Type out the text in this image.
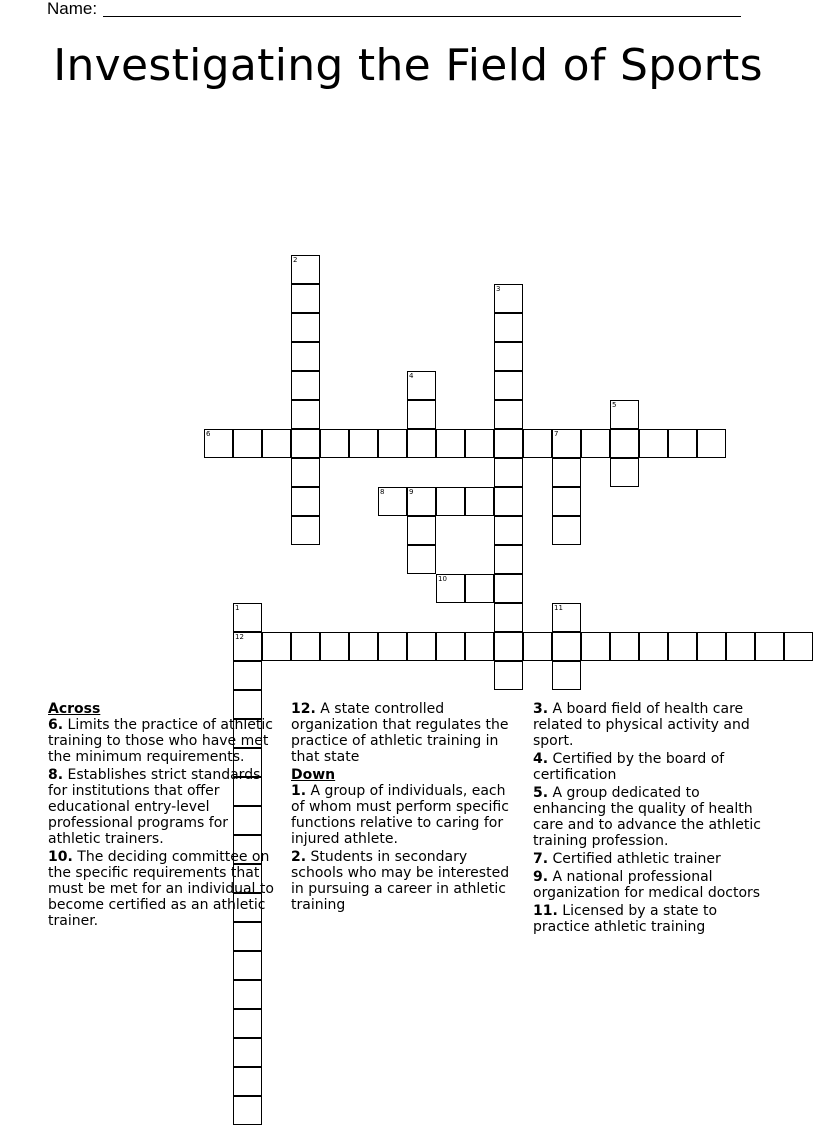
Name:
Investigating the Field of Sports
1
12
2
3
4
5
6	7
8	9
10
11
Across
6. Limits the practice of athletic training to those who have met the minimum requirements.
8. Establishes strict standards for institutions that offer educational entry-level professional programs for athletic trainers.
10. The deciding committee on the specific requirements that must be met for an individual to become certified as an athletic trainer.
12. A state controlled organization that regulates the practice of athletic training in that state
Down
1. A group of individuals, each of whom must perform specific functions relative to caring for injured athlete.
2. Students in secondary schools who may be interested in pursuing a career in athletic training
3. A board field of health care related to physical activity and sport.
4. Certified by the board of certification
5. A group dedicated to enhancing the quality of health care and to advance the athletic training profession.
7. Certified athletic trainer
9. A national professional organization for medical doctors
11. Licensed by a state to practice athletic training
